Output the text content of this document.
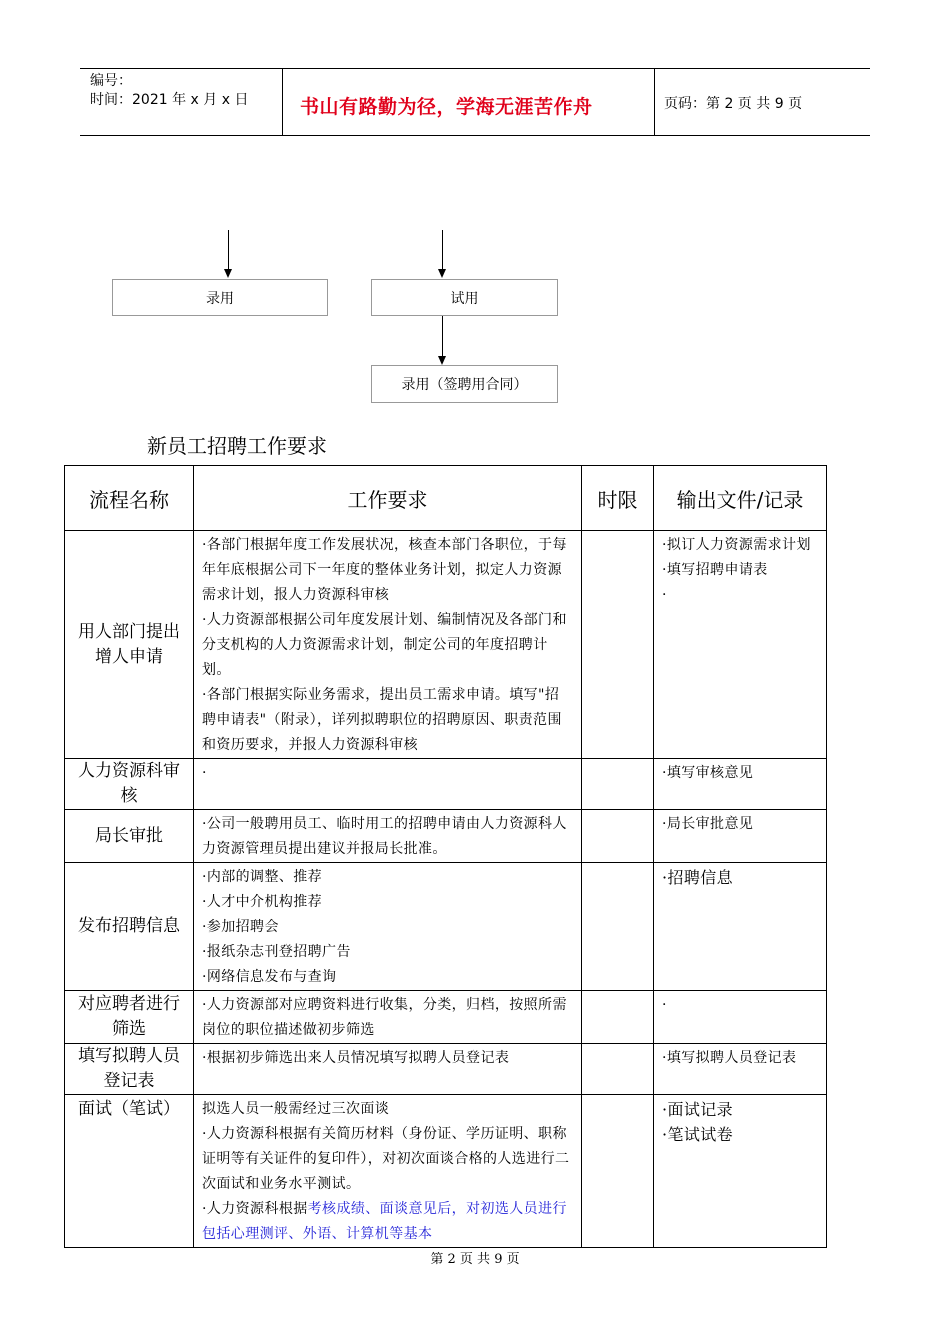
编号：
时间：2021 年 x 月 x 日	书山有路勤为径，学海无涯苦作舟	页码：第 2 页 共 9 页
录用	试用
录用（签聘用合同）
新员工招聘工作要求
流程名称	工作要求	时限	输出文件/记录
用人部门提出增人申请	·各部门根据年度工作发展状况，核查本部门各职位，于每年年底根据公司下一年度的整体业务计划，拟定人力资源需求计划，报人力资源科审核
·人力资源部根据公司年度发展计划、编制情况及各部门和分支机构的人力资源需求计划，制定公司的年度招聘计划。
·各部门根据实际业务需求，提出员工需求申请。填写"招聘申请表"（附录），详列拟聘职位的招聘原因、职责范围和资历要求，并报人力资源科审核		·拟订人力资源需求计划
·填写招聘申请表
·

人力资源科审核	·		·填写审核意见

局长审批	·公司一般聘用员工、临时用工的招聘申请由人力资源科人力资源管理员提出建议并报局长批准。		·局长审批意见

发布招聘信息	·内部的调整、推荐
·人才中介机构推荐
·参加招聘会
·报纸杂志刊登招聘广告
·网络信息发布与查询		·招聘信息

对应聘者进行筛选	·人力资源部对应聘资料进行收集，分类，归档，按照所需岗位的职位描述做初步筛选		·

填写拟聘人员登记表	·根据初步筛选出来人员情况填写拟聘人员登记表		·填写拟聘人员登记表

面试（笔试）	拟选人员一般需经过三次面谈
·人力资源科根据有关简历材料（身份证、学历证明、职称证明等有关证件的复印件），对初次面谈合格的人选进行二次面试和业务水平测试。
·人力资源科根据考核成绩、面谈意见后，对初选人员进行包括心理测评、外语、计算机等基本		·面试记录
·笔试试卷
第 2 页 共 9 页
